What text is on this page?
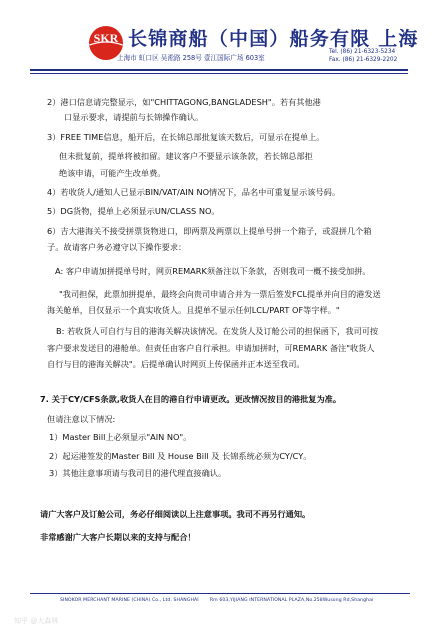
SKR 长锦商船（中国）船务有限 上海
上海市 虹口区 吴淞路 258号 壹江国际广场 603室
Tel. (86) 21-6323-5234
Fax. (86) 21-6329-2202
2）港口信息请完整显示，如"CHITTAGONG,BANGLADESH"。若有其他港
口显示要求，请提前与长锦操作确认。
3）FREE TIME信息，船开后，在长锦总部批复该天数后，可显示在提单上。
但未批复前，提单将被扣留。建议客户不要显示该条款，若长锦总部拒
绝该申请，可能产生改单费。
4）若收货人/通知人已显示BIN/VAT/AIN NO情况下，品名中可重复显示该号码。
5）DG货物，提单上必须显示UN/CLASS NO。
6）吉大港海关不接受拼票货物进口，即两票及两票以上提单号拼一个箱子，或混拼几个箱
子。故请客户务必遵守以下操作要求：
A: 客户申请加拼提单号时，网页REMARK须备注以下条款，否则我司一概不接受加拼。
"我司担保，此票加拼提单，最终会向贵司申请合并为一票后签发FCL提单并向目的港发送
海关舱单，目仅显示一个真实收货人。且提单不显示任何LCL/PART OF等字样。"
B: 若收货人可自行与目的港海关解决该情况。在发货人及订舱公司的担保函下，我司可按
客户要求发送目的港舱单。但责任由客户自行承担。申请加拼时，可REMARK 备注"收货人
自行与目的港海关解决"。后提单确认时网页上传保函并正本送至我司。
7. 关于CY/CFS条款,收货人在目的港自行申请更改。更改情况按目的港批复为准。
但请注意以下情况:
1）Master Bill上必须显示"AIN NO"。
2）起运港签发的Master Bill 及 House Bill 及 长锦系统必须为CY/CY。
3）其他注意事项请与我司目的港代理直接确认。
请广大客户及订舱公司，务必仔细阅读以上注意事项。我司不再另行通知。
非常感谢广大客户长期以来的支持与配合！
SINOKOR MERCHANT MARINE (CHINA) Co., Ltd. SHANGHAI Rm 603,YIJIANG INTERNATIONAL PLAZA,No.258Wusong Rd,Shanghai
知乎 @大森林
